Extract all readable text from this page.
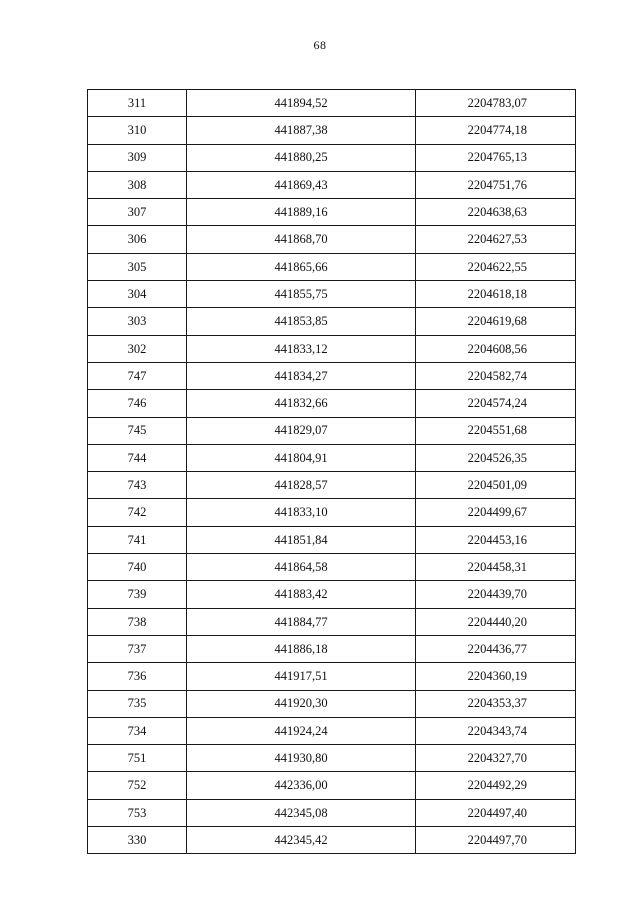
68
311	441894,52	2204783,07
310	441887,38	2204774,18
309	441880,25	2204765,13
308	441869,43	2204751,76
307	441889,16	2204638,63
306	441868,70	2204627,53
305	441865,66	2204622,55
304	441855,75	2204618,18
303	441853,85	2204619,68
302	441833,12	2204608,56
747	441834,27	2204582,74
746	441832,66	2204574,24
745	441829,07	2204551,68
744	441804,91	2204526,35
743	441828,57	2204501,09
742	441833,10	2204499,67
741	441851,84	2204453,16
740	441864,58	2204458,31
739	441883,42	2204439,70
738	441884,77	2204440,20
737	441886,18	2204436,77
736	441917,51	2204360,19
735	441920,30	2204353,37
734	441924,24	2204343,74
751	441930,80	2204327,70
752	442336,00	2204492,29
753	442345,08	2204497,40
330	442345,42	2204497,70
